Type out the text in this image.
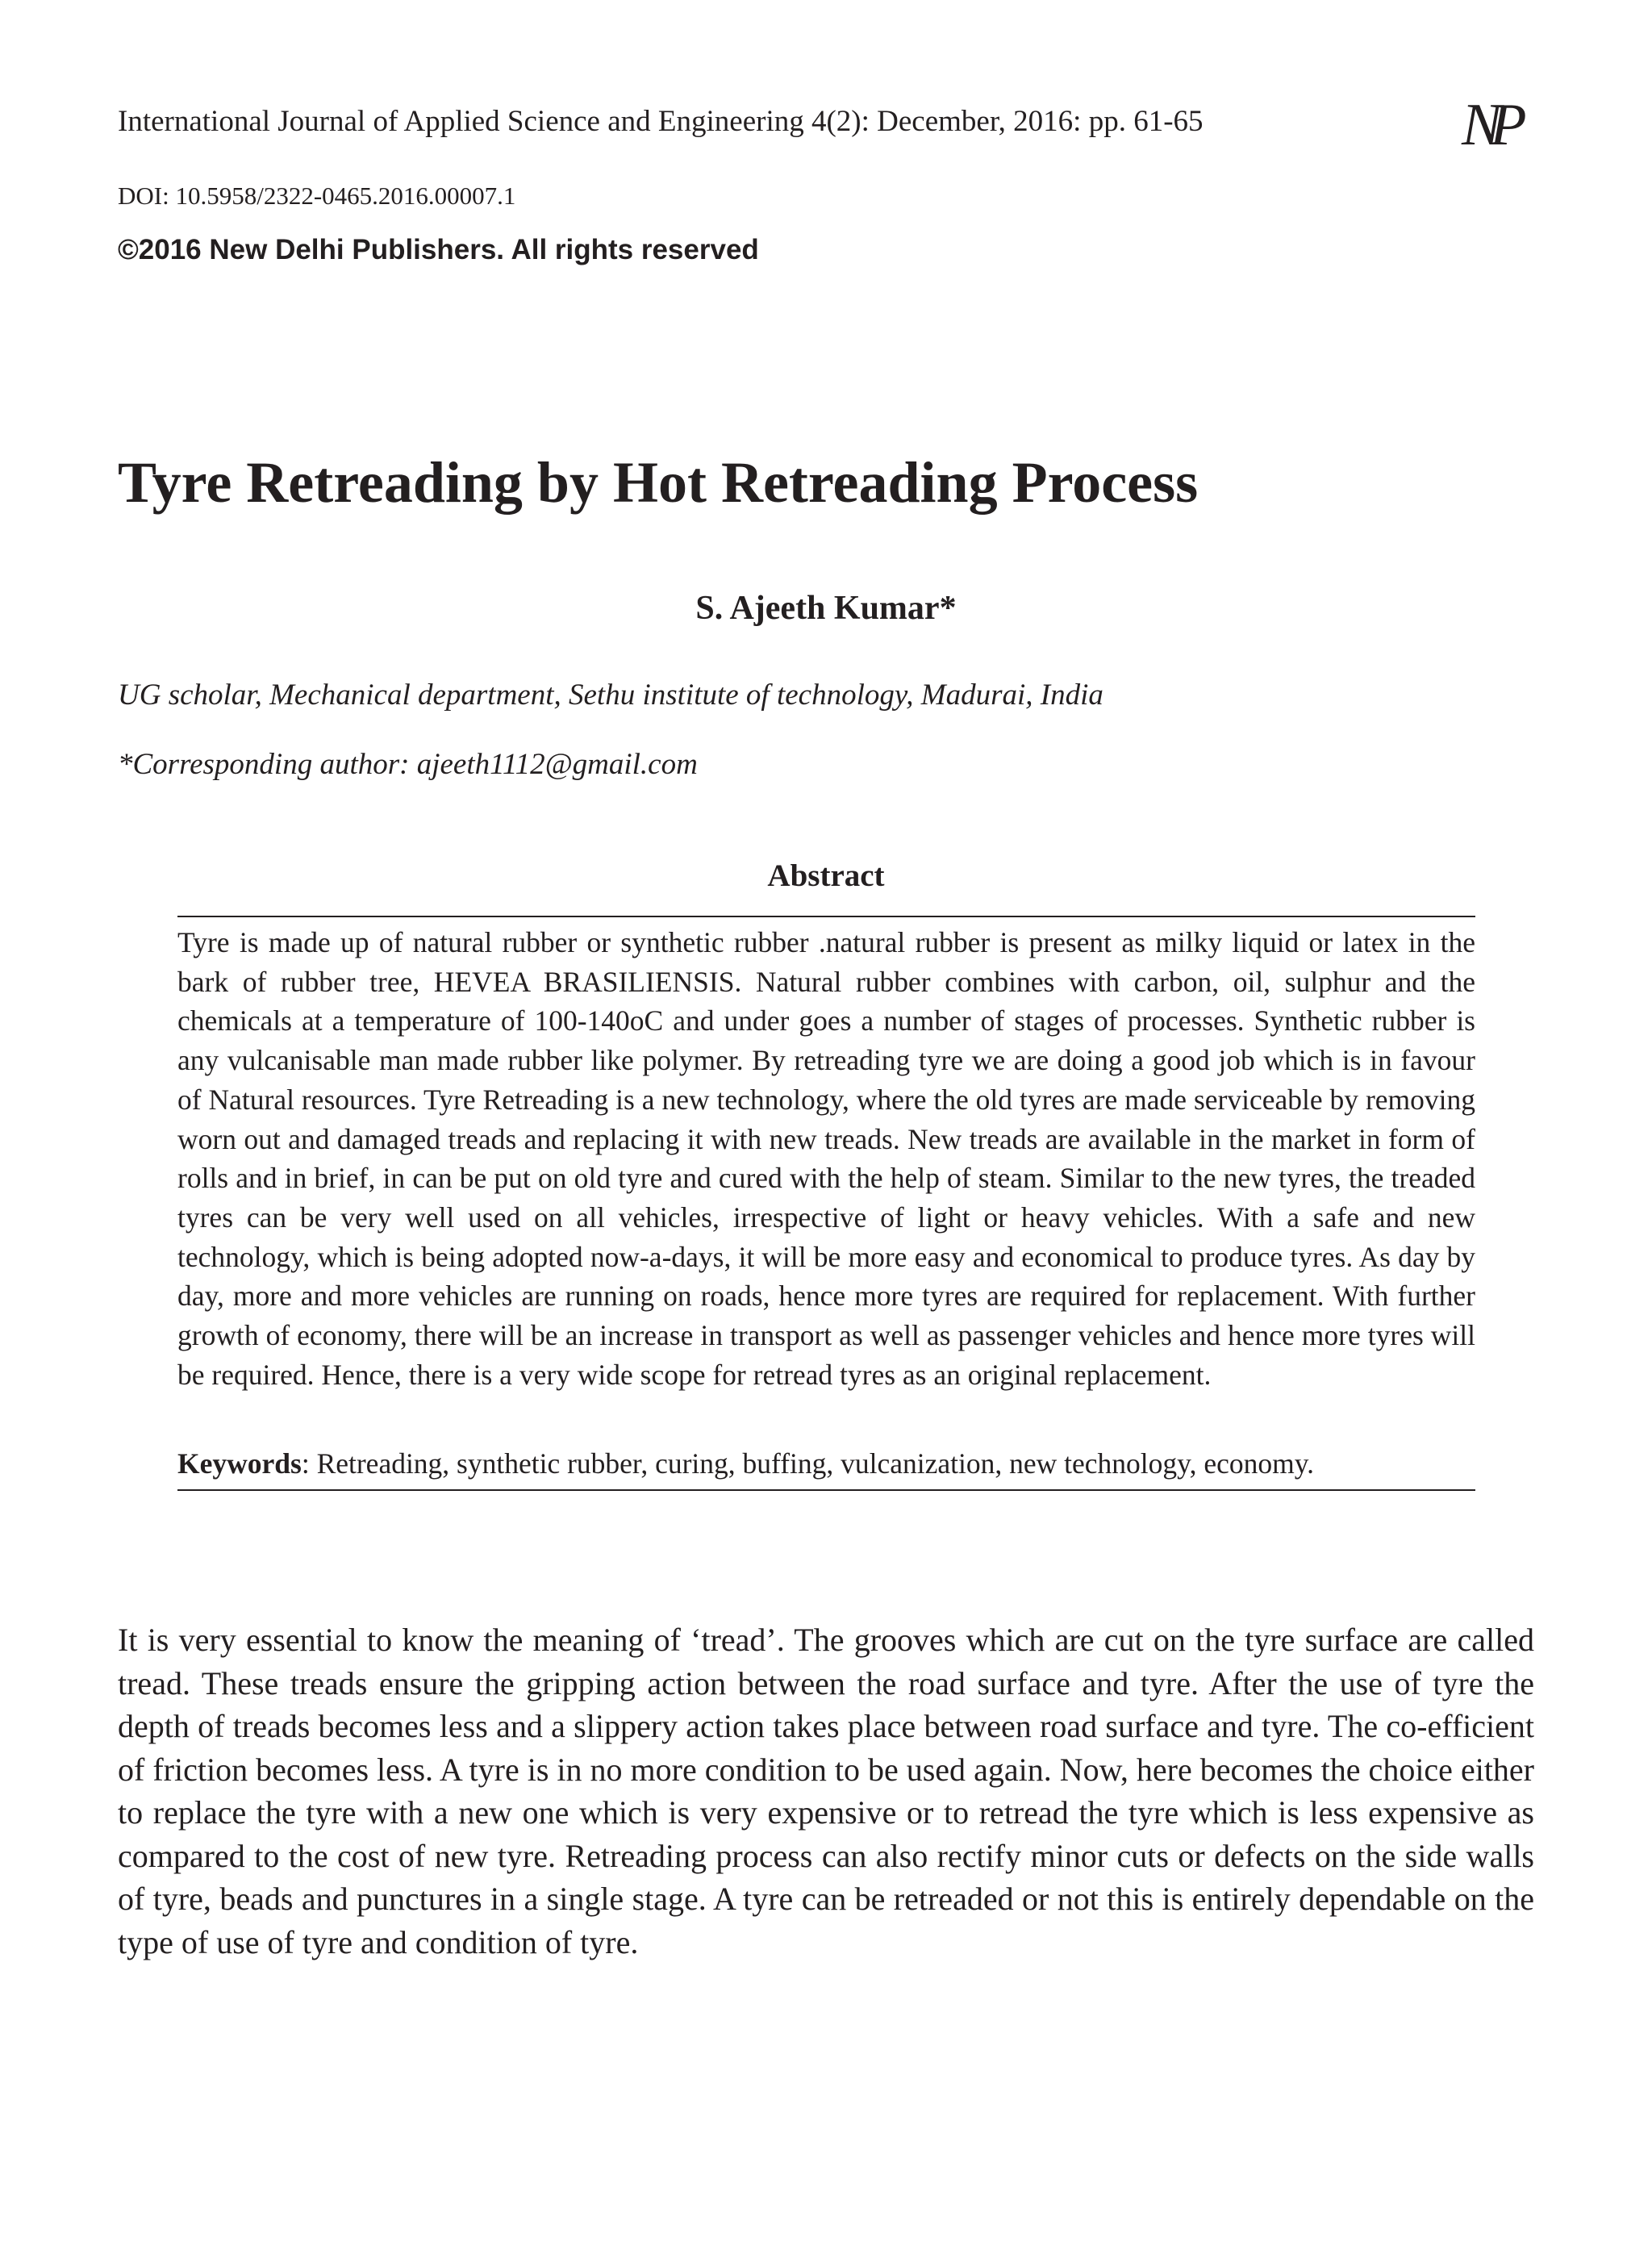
International Journal of Applied Science and Engineering 4(2): December, 2016: pp. 61-65	NP
DOI: 10.5958/2322-0465.2016.00007.1
©2016 New Delhi Publishers. All rights reserved
Tyre Retreading by Hot Retreading Process
S. Ajeeth Kumar*
UG scholar, Mechanical department, Sethu institute of technology, Madurai, India
*Corresponding author: ajeeth1112@gmail.com
Abstract

Tyre is made up of natural rubber or synthetic rubber .natural rubber is present as milky liquid or latex in the bark of rubber tree, HEVEA BRASILIENSIS. Natural rubber combines with carbon, oil, sulphur and the chemicals at a temperature of 100-140oC and under goes a number of stages of processes. Synthetic rubber is any vulcanisable man made rubber like polymer. By retreading tyre we are doing a good job which is in favour of Natural resources. Tyre Retreading is a new technology, where the old tyres are made serviceable by removing worn out and damaged treads and replacing it with new treads. New treads are available in the market in form of rolls and in brief, in can be put on old tyre and cured with the help of steam. Similar to the new tyres, the treaded tyres can be very well used on all vehicles, irrespective of light or heavy vehicles. With a safe and new technology, which is being adopted now-a-days, it will be more easy and economical to produce tyres. As day by day, more and more vehicles are running on roads, hence more tyres are required for replacement. With further growth of economy, there will be an increase in transport as well as passenger vehicles and hence more tyres will be required. Hence, there is a very wide scope for retread tyres as an original replacement.

Keywords: Retreading, synthetic rubber, curing, buffing, vulcanization, new technology, economy.

It is very essential to know the meaning of ‘tread’. The grooves which are cut on the tyre surface are called tread. These treads ensure the gripping action between the road surface and tyre. After the use of tyre the depth of treads becomes less and a slippery action takes place between road surface and tyre. The co-efficient of friction becomes less. A tyre is in no more condition to be used again. Now, here becomes the choice either to replace the tyre with a new one which is very expensive or to retread the tyre which is less expensive as compared to the cost of new tyre. Retreading process can also rectify minor cuts or defects on the side walls of tyre, beads and punctures in a single stage. A tyre can be retreaded or not this is entirely dependable on the type of use of tyre and condition of tyre.
